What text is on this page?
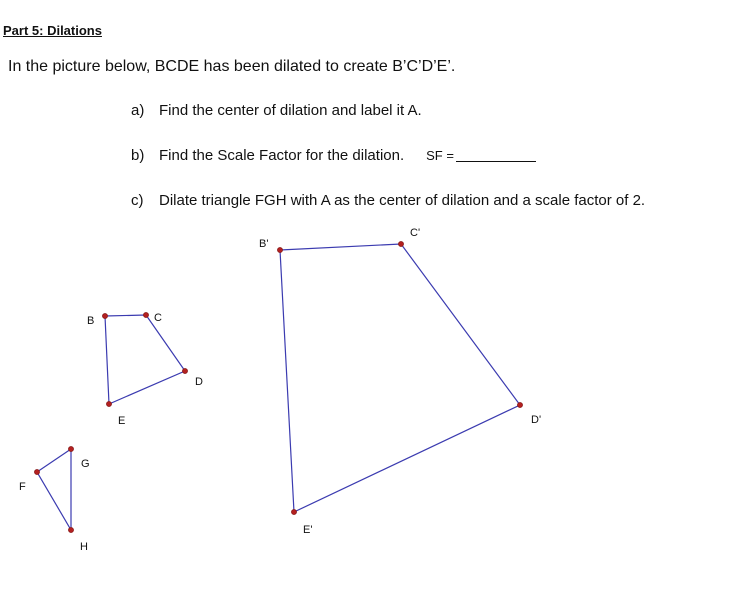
Part 5: Dilations
In the picture below, BCDE has been dilated to create B’C’D’E’.
a) Find the center of dilation and label it A.
b) Find the Scale Factor for the dilation. SF =
c) Dilate triangle FGH with A as the center of dilation and a scale factor of 2.
B	C
D
E
B'
C'
D'
E'
F
G
H
